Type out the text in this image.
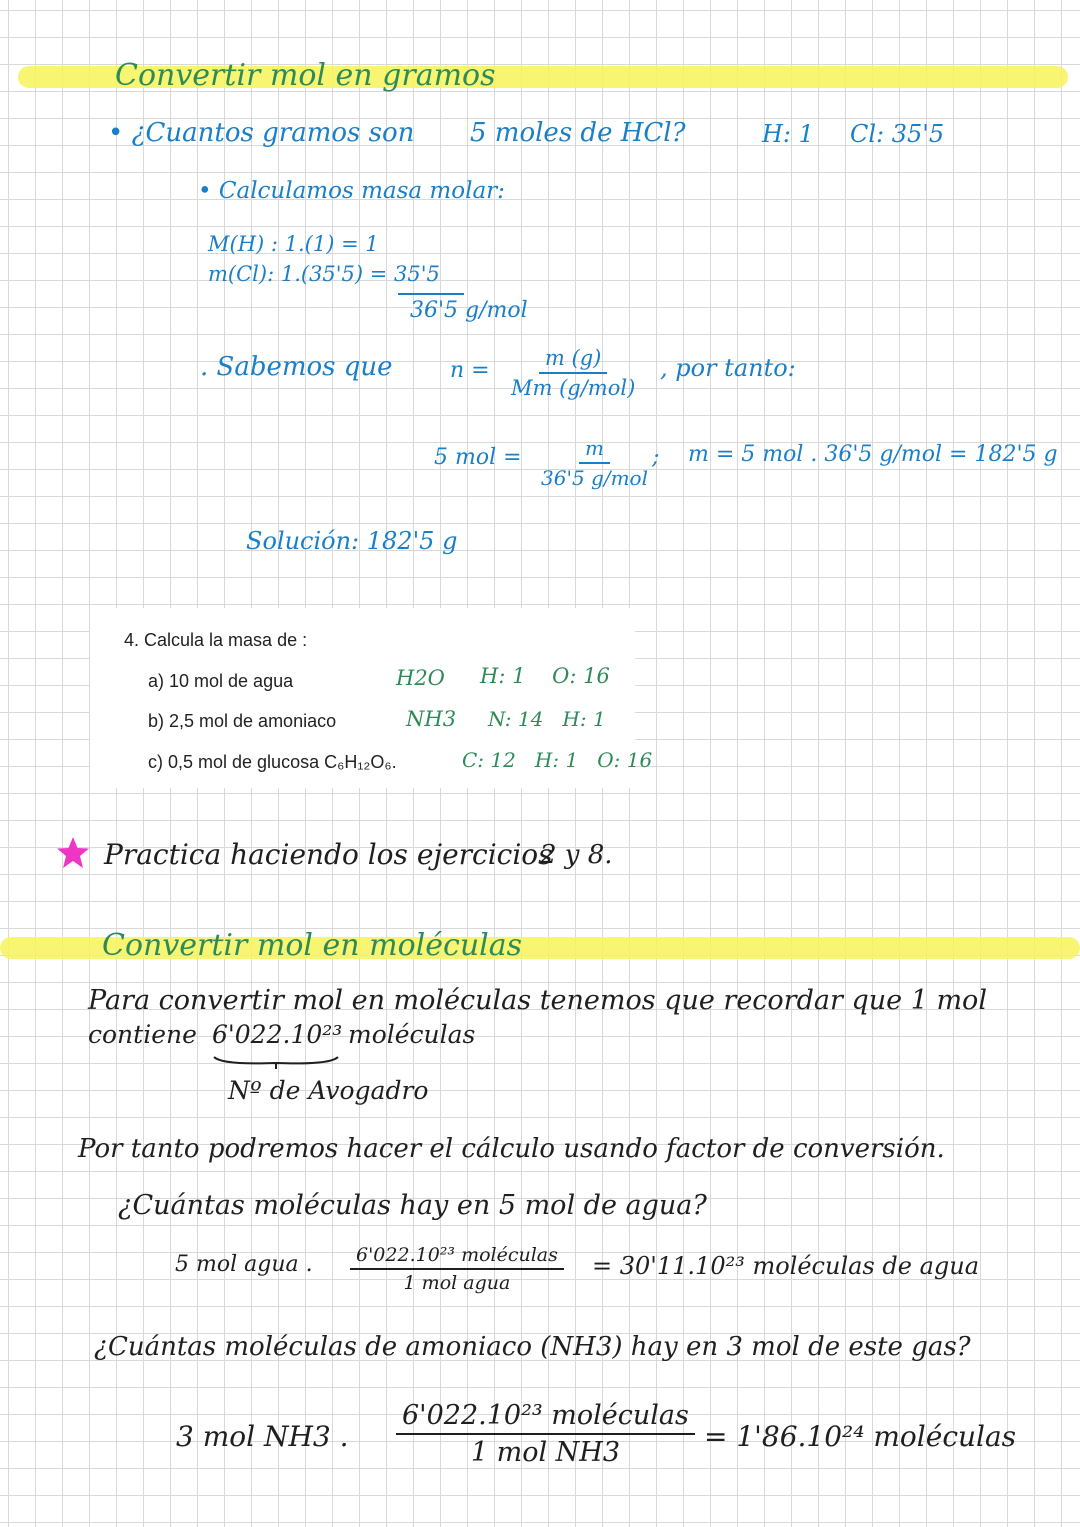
Convertir mol en gramos
• ¿Cuantos gramos son 5 moles de HCl?	H: 1 Cl: 35'5
• Calculamos masa molar:
M(H) : 1.(1) = 1
m(Cl): 1.(35'5) = 35'5
36'5 g/mol
. Sabemos que	n =	m (g)
Mm (g/mol)
, por tanto:
5 mol =	m
36'5 g/mol
; m = 5 mol . 36'5 g/mol = 182'5 g
Solución: 182'5 g
4. Calcula la masa de :
a) 10 mol de agua	H2O H: 1    O: 16
b) 2,5 mol de amoniaco	NH3 N: 14   H: 1
c) 0,5 mol de glucosa C₆H₁₂O₆.	C: 12   H: 1   O: 16
Practica haciendo los ejercicios
2 y 8.
Convertir mol en moléculas
Para convertir mol en moléculas tenemos que recordar que 1 mol
contiene 6'022.10²³ moléculas
Nº de Avogadro
Por tanto podremos hacer el cálculo usando factor de conversión.
¿Cuántas moléculas hay en 5 mol de agua?
5 mol agua .	6'022.10²³ moléculas
1 mol agua
= 30'11.10²³ moléculas de agua
¿Cuántas moléculas de amoniaco (NH3) hay en 3 mol de este gas?
3 mol NH3 .
6'022.10²³ moléculas
1 mol NH3	= 1'86.10²⁴ moléculas
